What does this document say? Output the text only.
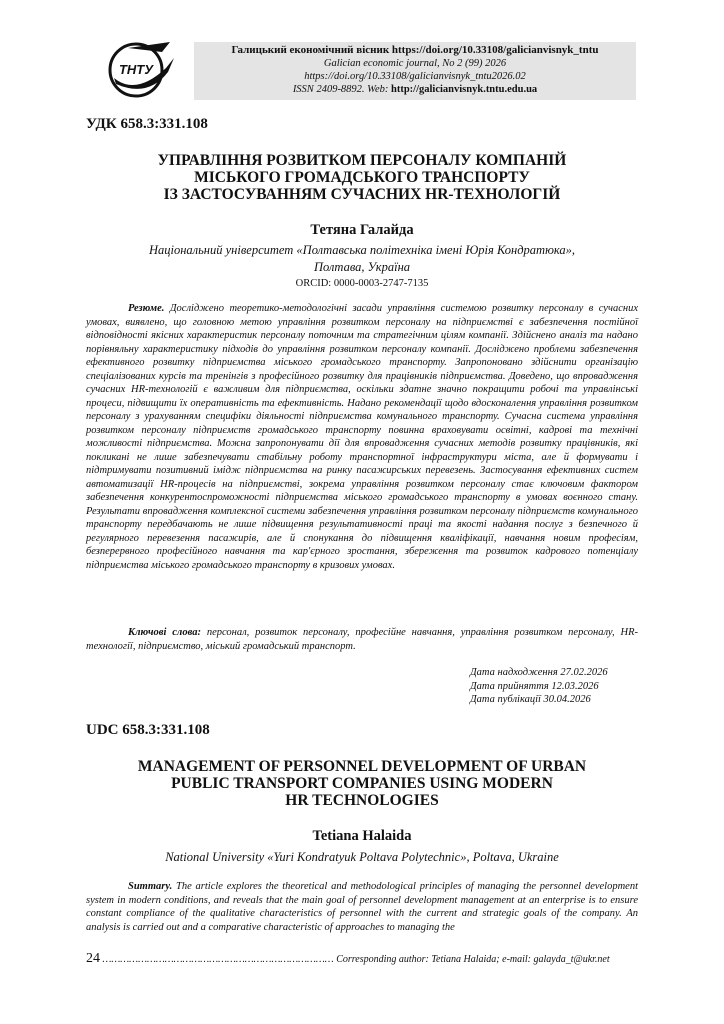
ТНТУ
Галицький економічний вісник https://doi.org/10.33108/galicianvisnyk_tntu
Galician economic journal, No 2 (99) 2026
https://doi.org/10.33108/galicianvisnyk_tntu2026.02
ISSN 2409-8892. Web: http://galicianvisnyk.tntu.edu.ua
УДК 658.3:331.108
УПРАВЛІННЯ РОЗВИТКОМ ПЕРСОНАЛУ КОМПАНІЙ
МІСЬКОГО ГРОМАДСЬКОГО ТРАНСПОРТУ
ІЗ ЗАСТОСУВАННЯМ СУЧАСНИХ HR-ТЕХНОЛОГІЙ
Тетяна Галайда
Національний університет «Полтавська політехніка імені Юрія Кондратюка»,
Полтава, Україна
ORCID: 0000-0003-2747-7135

Резюме. Досліджено теоретико-методологічні засади управління системою розвитку персоналу в сучасних умовах, виявлено, що головною метою управління розвитком персоналу на підприємстві є забезпечення постійної відповідності якісних характеристик персоналу поточним та стратегічним цілям компанії. Здійснено аналіз та надано порівняльну характеристику підходів до управління розвитком персоналу компанії. Досліджено проблеми забезпечення ефективного розвитку підприємства міського громадського транспорту. Запропоновано здійснити організацію спеціалізованих курсів та тренінгів з професійного розвитку для працівників підприємства. Доведено, що впровадження сучасних HR-технологій є важливим для підприємства, оскільки здатне значно покращити робочі та управлінські процеси, підвищити їх оперативність та ефективність. Надано рекомендації щодо вдосконалення управління розвитком персоналу з урахуванням специфіки діяльності підприємства комунального транспорту. Сучасна система управління розвитком персоналу підприємств громадського транспорту повинна враховувати освітні, кадрові та технічні можливості підприємства. Можна запропонувати дії для впровадження сучасних методів розвитку працівників, які покликані не лише забезпечувати стабільну роботу транспортної інфраструктури міста, але й формувати і підтримувати позитивний імідж підприємства на ринку пасажирських перевезень. Застосування ефективних систем автоматизації HR-процесів на підприємстві, зокрема управління розвитком персоналу стає ключовим фактором забезпечення конкурентоспроможності підприємства міського громадського транспорту в умовах воєнного стану. Результати впровадження комплексної системи забезпечення управління розвитком персоналу підприємств комунального транспорту передбачають не лише підвищення результативності праці та якості надання послуг з безпечного й регулярного перевезення пасажирів, але й спонукання до підвищення кваліфікації, навчання новим професіям, безперервного професійного навчання та кар'єрного зростання, збереження та розвиток кадрового потенціалу підприємства міського громадського транспорту в кризових умовах.

Ключові слова: персонал, розвиток персоналу, професійне навчання, управління розвитком персоналу, HR-технології, підприємство, міський громадський транспорт.

Дата надходження 27.02.2026
Дата прийняття 12.03.2026
Дата публікації 30.04.2026
UDC 658.3:331.108
MANAGEMENT OF PERSONNEL DEVELOPMENT OF URBAN
PUBLIC TRANSPORT COMPANIES USING MODERN
HR TECHNOLOGIES
Tetiana Halaida
National University «Yuri Kondratyuk Poltava Polytechnic», Poltava, Ukraine

Summary. The article explores the theoretical and methodological principles of managing the personnel development system in modern conditions, and reveals that the main goal of personnel development management at an enterprise is to ensure constant compliance of the qualitative characteristics of personnel with the current and strategic goals of the company. An analysis is carried out and a comparative characteristic of approaches to managing the

24 …………………………………………………………………… Corresponding author: Tetiana Halaida; e-mail: galayda_t@ukr.net
